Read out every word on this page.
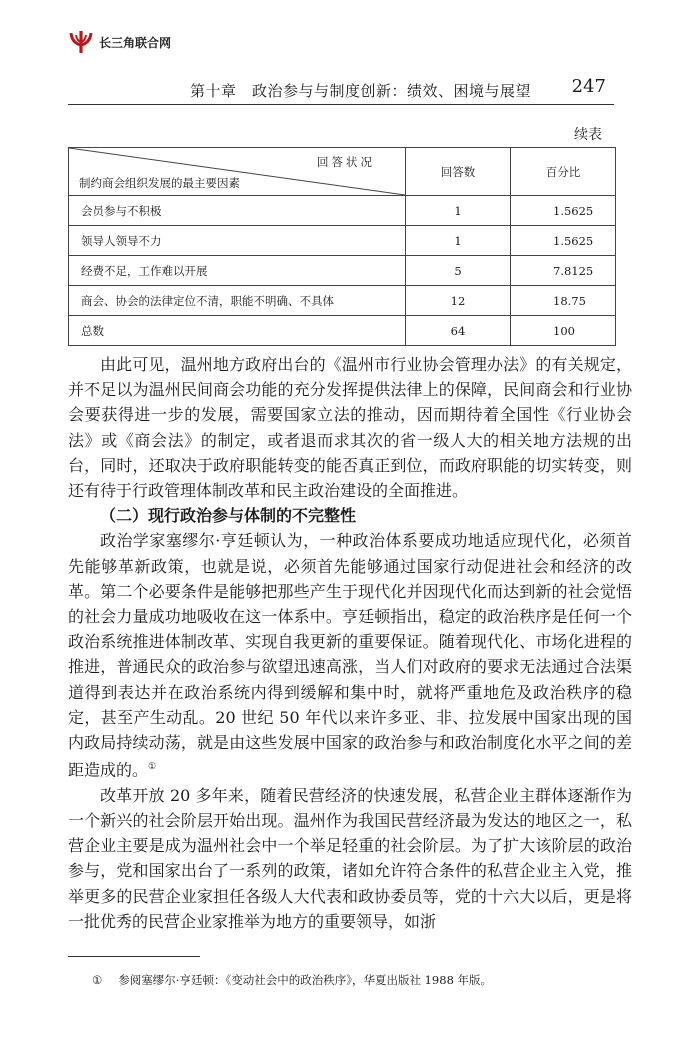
长三角联合网
第十章　政治参与与制度创新：绩效、困境与展望 247
续表
回答状况
制约商会组织发展的最主要因素	回答数	百分比
会员参与不积极	1	1.5625
领导人领导不力	1	1.5625
经费不足，工作难以开展	5	7.8125
商会、协会的法律定位不清，职能不明确、不具体	12	18.75
总数	64	100

由此可见，温州地方政府出台的《温州市行业协会管理办法》的有关规定，并不足以为温州民间商会功能的充分发挥提供法律上的保障，民间商会和行业协会要获得进一步的发展，需要国家立法的推动，因而期待着全国性《行业协会法》或《商会法》的制定，或者退而求其次的省一级人大的相关地方法规的出台，同时，还取决于政府职能转变的能否真正到位，而政府职能的切实转变，则还有待于行政管理体制改革和民主政治建设的全面推进。

（二）现行政治参与体制的不完整性

政治学家塞缪尔·亨廷顿认为，一种政治体系要成功地适应现代化，必须首先能够革新政策，也就是说，必须首先能够通过国家行动促进社会和经济的改革。第二个必要条件是能够把那些产生于现代化并因现代化而达到新的社会觉悟的社会力量成功地吸收在这一体系中。亨廷顿指出，稳定的政治秩序是任何一个政治系统推进体制改革、实现自我更新的重要保证。随着现代化、市场化进程的推进，普通民众的政治参与欲望迅速高涨，当人们对政府的要求无法通过合法渠道得到表达并在政治系统内得到缓解和集中时，就将严重地危及政治秩序的稳定，甚至产生动乱。20 世纪 50 年代以来许多亚、非、拉发展中国家出现的国内政局持续动荡，就是由这些发展中国家的政治参与和政治制度化水平之间的差距造成的。①

改革开放 20 多年来，随着民营经济的快速发展，私营企业主群体逐渐作为一个新兴的社会阶层开始出现。温州作为我国民营经济最为发达的地区之一，私营企业主要是成为温州社会中一个举足轻重的社会阶层。为了扩大该阶层的政治参与，党和国家出台了一系列的政策，诸如允许符合条件的私营企业主入党，推举更多的民营企业家担任各级人大代表和政协委员等，党的十六大以后，更是将一批优秀的民营企业家推举为地方的重要领导，如浙

① 参阅塞缪尔·亨廷顿：《变动社会中的政治秩序》，华夏出版社 1988 年版。
